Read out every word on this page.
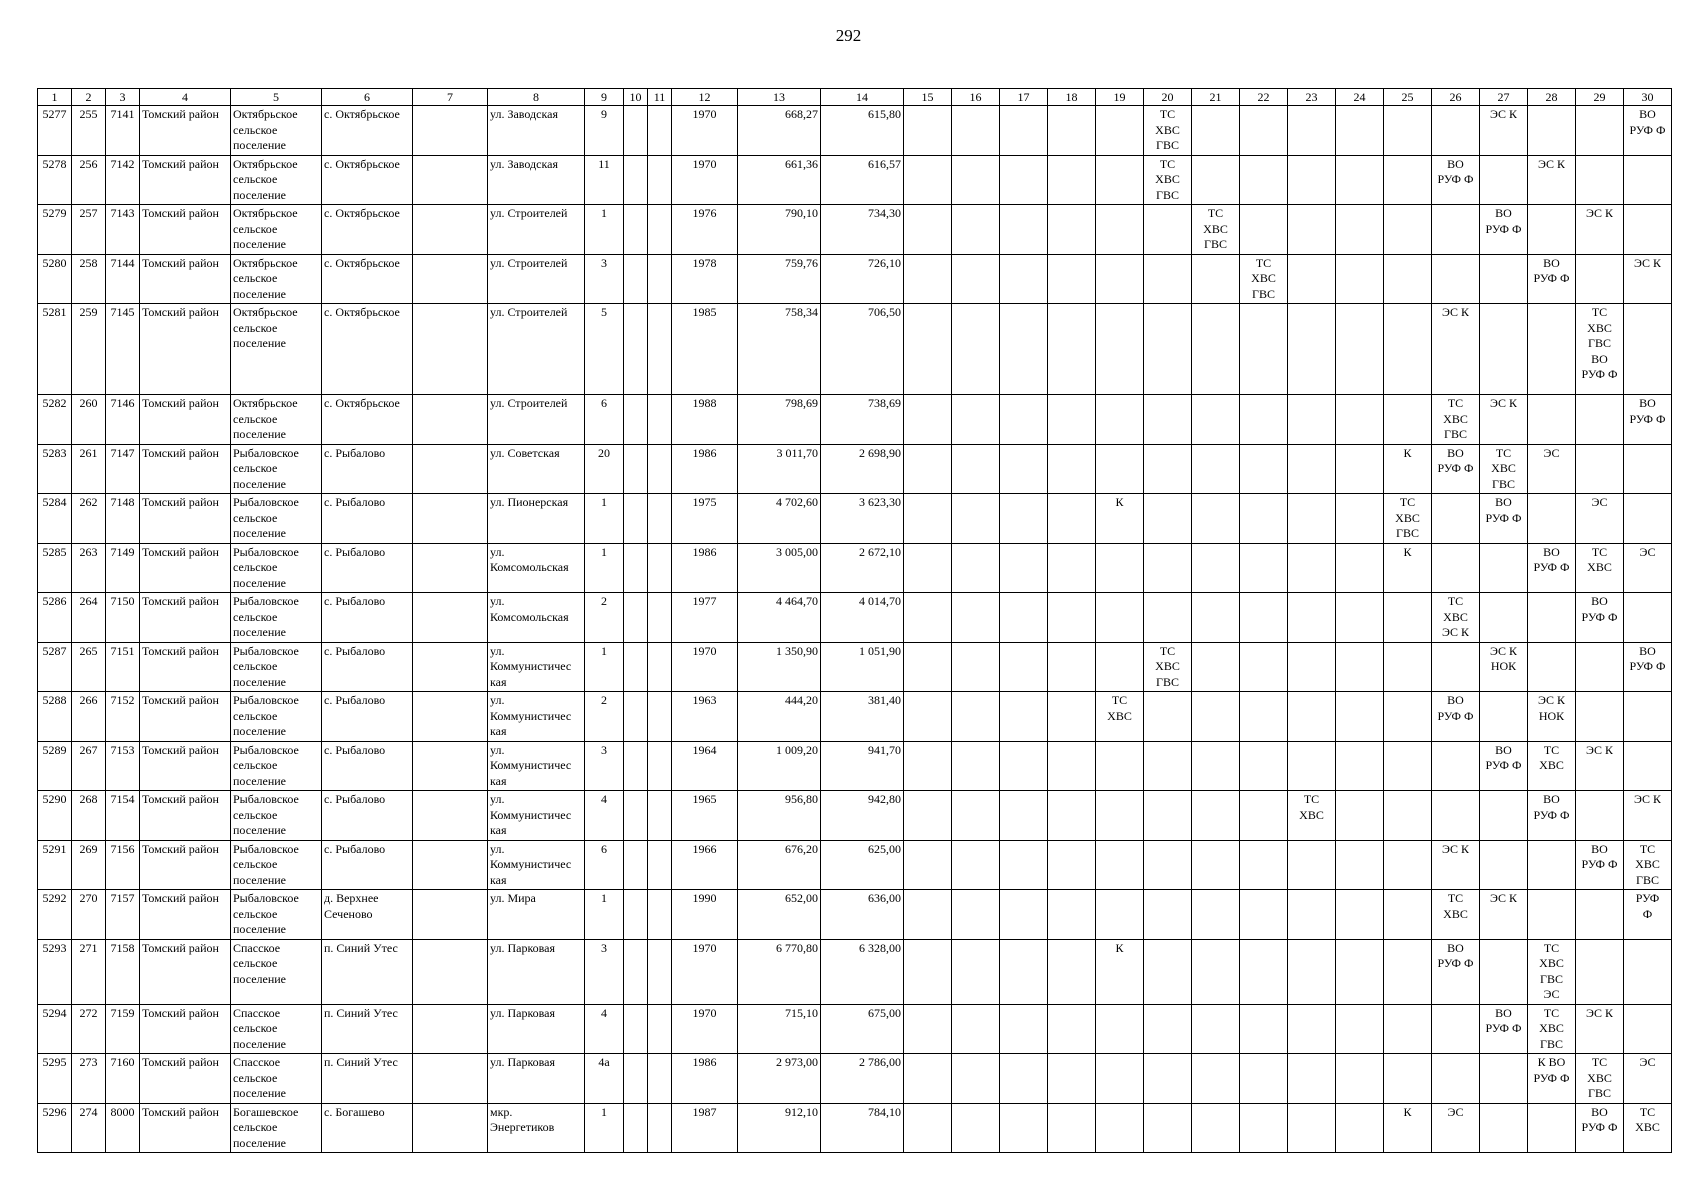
292
1	2	3	4	5	6	7	8	9	10	11	12	13	14	15	16	17	18	19	20	21	22	23	24	25	26	27	28	29	30
5277	255	7141	Томский район	Октябрьское
сельское
поселение	с. Октябрьское		ул. Заводская	9			1970	668,27	615,80						ТС
ХВС
ГВС							ЭС К			ВО
РУФ Ф
5278	256	7142	Томский район	Октябрьское
сельское
поселение	с. Октябрьское		ул. Заводская	11			1970	661,36	616,57						ТС
ХВС
ГВС						ВО
РУФ Ф		ЭС К		
5279	257	7143	Томский район	Октябрьское
сельское
поселение	с. Октябрьское		ул. Строителей	1			1976	790,10	734,30							ТС
ХВС
ГВС						ВО
РУФ Ф		ЭС К	
5280	258	7144	Томский район	Октябрьское
сельское
поселение	с. Октябрьское		ул. Строителей	3			1978	759,76	726,10								ТС
ХВС
ГВС						ВО
РУФ Ф		ЭС К
5281	259	7145	Томский район	Октябрьское
сельское
поселение	с. Октябрьское		ул. Строителей	5			1985	758,34	706,50												ЭС К			ТС
ХВС
ГВС
ВО
РУФ Ф	
5282	260	7146	Томский район	Октябрьское
сельское
поселение	с. Октябрьское		ул. Строителей	6			1988	798,69	738,69												ТС
ХВС
ГВС	ЭС К			ВО
РУФ Ф
5283	261	7147	Томский район	Рыбаловское
сельское
поселение	с. Рыбалово		ул. Советская	20			1986	3 011,70	2 698,90											К	ВО
РУФ Ф	ТС
ХВС
ГВС	ЭС		
5284	262	7148	Томский район	Рыбаловское
сельское
поселение	с. Рыбалово		ул. Пионерская	1			1975	4 702,60	3 623,30					К						ТС
ХВС
ГВС		ВО
РУФ Ф		ЭС	
5285	263	7149	Томский район	Рыбаловское
сельское
поселение	с. Рыбалово		ул.
Комсомольская	1			1986	3 005,00	2 672,10											К			ВО
РУФ Ф	ТС
ХВС	ЭС
5286	264	7150	Томский район	Рыбаловское
сельское
поселение	с. Рыбалово		ул.
Комсомольская	2			1977	4 464,70	4 014,70												ТС
ХВС
ЭС К			ВО
РУФ Ф	
5287	265	7151	Томский район	Рыбаловское
сельское
поселение	с. Рыбалово		ул.
Коммунистичес
кая	1			1970	1 350,90	1 051,90						ТС
ХВС
ГВС							ЭС К
НОК			ВО
РУФ Ф
5288	266	7152	Томский район	Рыбаловское
сельское
поселение	с. Рыбалово		ул.
Коммунистичес
кая	2			1963	444,20	381,40					ТС
ХВС							ВО
РУФ Ф		ЭС К
НОК		
5289	267	7153	Томский район	Рыбаловское
сельское
поселение	с. Рыбалово		ул.
Коммунистичес
кая	3			1964	1 009,20	941,70													ВО
РУФ Ф	ТС
ХВС	ЭС К	
5290	268	7154	Томский район	Рыбаловское
сельское
поселение	с. Рыбалово		ул.
Коммунистичес
кая	4			1965	956,80	942,80									ТС
ХВС					ВО
РУФ Ф		ЭС К
5291	269	7156	Томский район	Рыбаловское
сельское
поселение	с. Рыбалово		ул.
Коммунистичес
кая	6			1966	676,20	625,00												ЭС К			ВО
РУФ Ф	ТС
ХВС
ГВС
5292	270	7157	Томский район	Рыбаловское
сельское
поселение	д. Верхнее
Сеченово		ул. Мира	1			1990	652,00	636,00												ТС
ХВС	ЭС К			РУФ
Ф
5293	271	7158	Томский район	Спасское
сельское
поселение	п. Синий Утес		ул. Парковая	3			1970	6 770,80	6 328,00					К							ВО
РУФ Ф		ТС
ХВС
ГВС
ЭС		
5294	272	7159	Томский район	Спасское
сельское
поселение	п. Синий Утес		ул. Парковая	4			1970	715,10	675,00													ВО
РУФ Ф	ТС
ХВС
ГВС	ЭС К	
5295	273	7160	Томский район	Спасское
сельское
поселение	п. Синий Утес		ул. Парковая	4а			1986	2 973,00	2 786,00														К ВО
РУФ Ф	ТС
ХВС
ГВС	ЭС
5296	274	8000	Томский район	Богашевское
сельское
поселение	с. Богашево		мкр.
Энергетиков	1			1987	912,10	784,10											К	ЭС			ВО
РУФ Ф	ТС
ХВС
